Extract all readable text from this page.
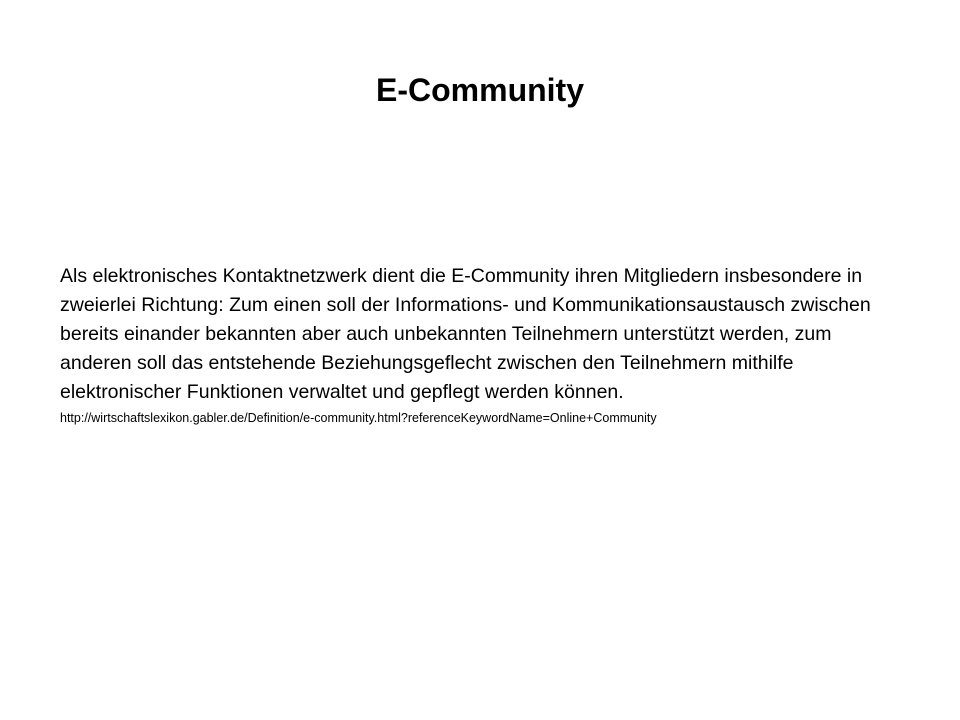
E-Community

Als elektronisches Kontaktnetzwerk dient die E-Community ihren Mitgliedern insbesondere in zweierlei Richtung: Zum einen soll der Informations- und Kommunikationsaustausch zwischen bereits einander bekannten aber auch unbekannten Teilnehmern unterstützt werden, zum anderen soll das entstehende Beziehungsgeflecht zwischen den Teilnehmern mithilfe elektronischer Funktionen verwaltet und gepflegt werden können.

http://wirtschaftslexikon.gabler.de/Definition/e-community.html?referenceKeywordName=Online+Community
